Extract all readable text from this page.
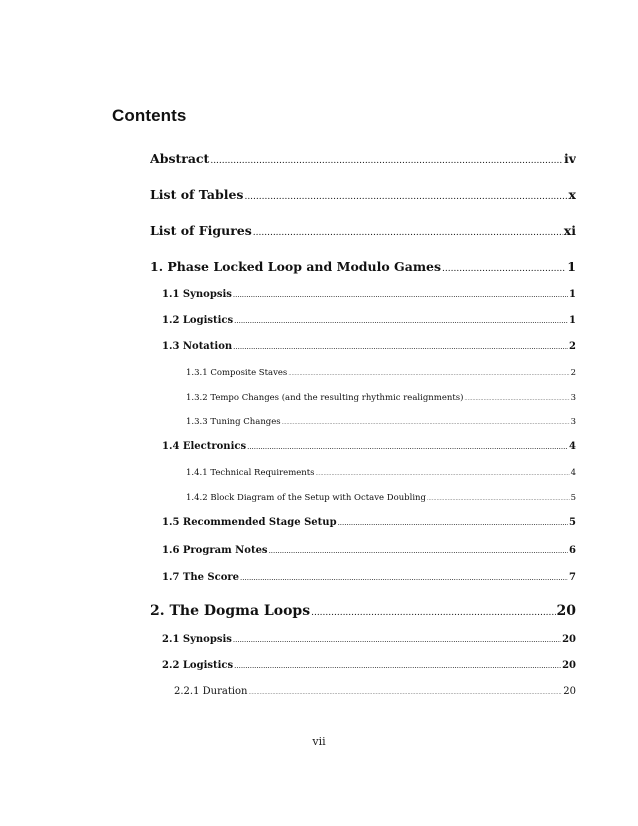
Contents
Abstract .....	iv
List of Tables .....	x
List of Figures .....	xi
1. Phase Locked Loop and Modulo Games .....	1
1.1 Synopsis .....	1
1.2 Logistics .....	1
1.3 Notation .....	2
1.3.1 Composite Staves .....	2
1.3.2 Tempo Changes (and the resulting rhythmic realignments) .....	3
1.3.3 Tuning Changes .....	3
1.4 Electronics .....	4
1.4.1 Technical Requirements .....	4
1.4.2 Block Diagram of the Setup with Octave Doubling .....	5
1.5 Recommended Stage Setup .....	5
1.6 Program Notes .....	6
1.7 The Score .....	7
2. The Dogma Loops .....	20
2.1 Synopsis .....	20
2.2 Logistics .....	20
2.2.1 Duration .....	20
vii
